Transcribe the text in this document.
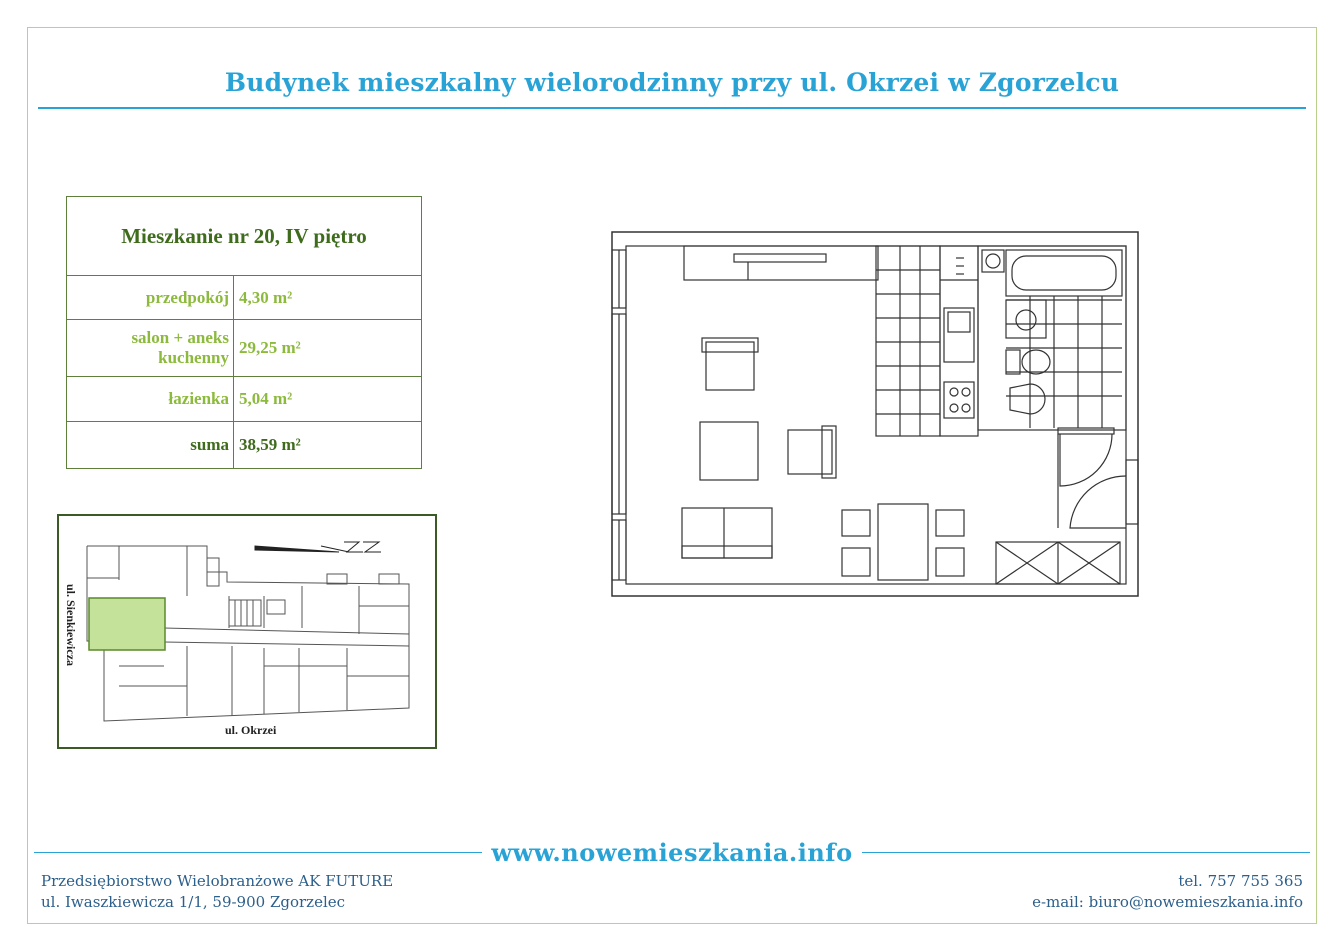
Budynek mieszkalny wielorodzinny przy ul. Okrzei w Zgorzelcu
Mieszkanie nr 20, IV piętro	
przedpokój	4,30 m²
salon + aneks
kuchenny	29,25 m²
łazienka	5,04 m²
suma	38,59 m²
ul. Sienkiewicza
ul. Okrzei
www.nowemieszkania.info
Przedsiębiorstwo Wielobranżowe AK FUTURE
ul. Iwaszkiewicza 1/1, 59-900 Zgorzelec
tel. 757 755 365
e-mail: biuro@nowemieszkania.info
